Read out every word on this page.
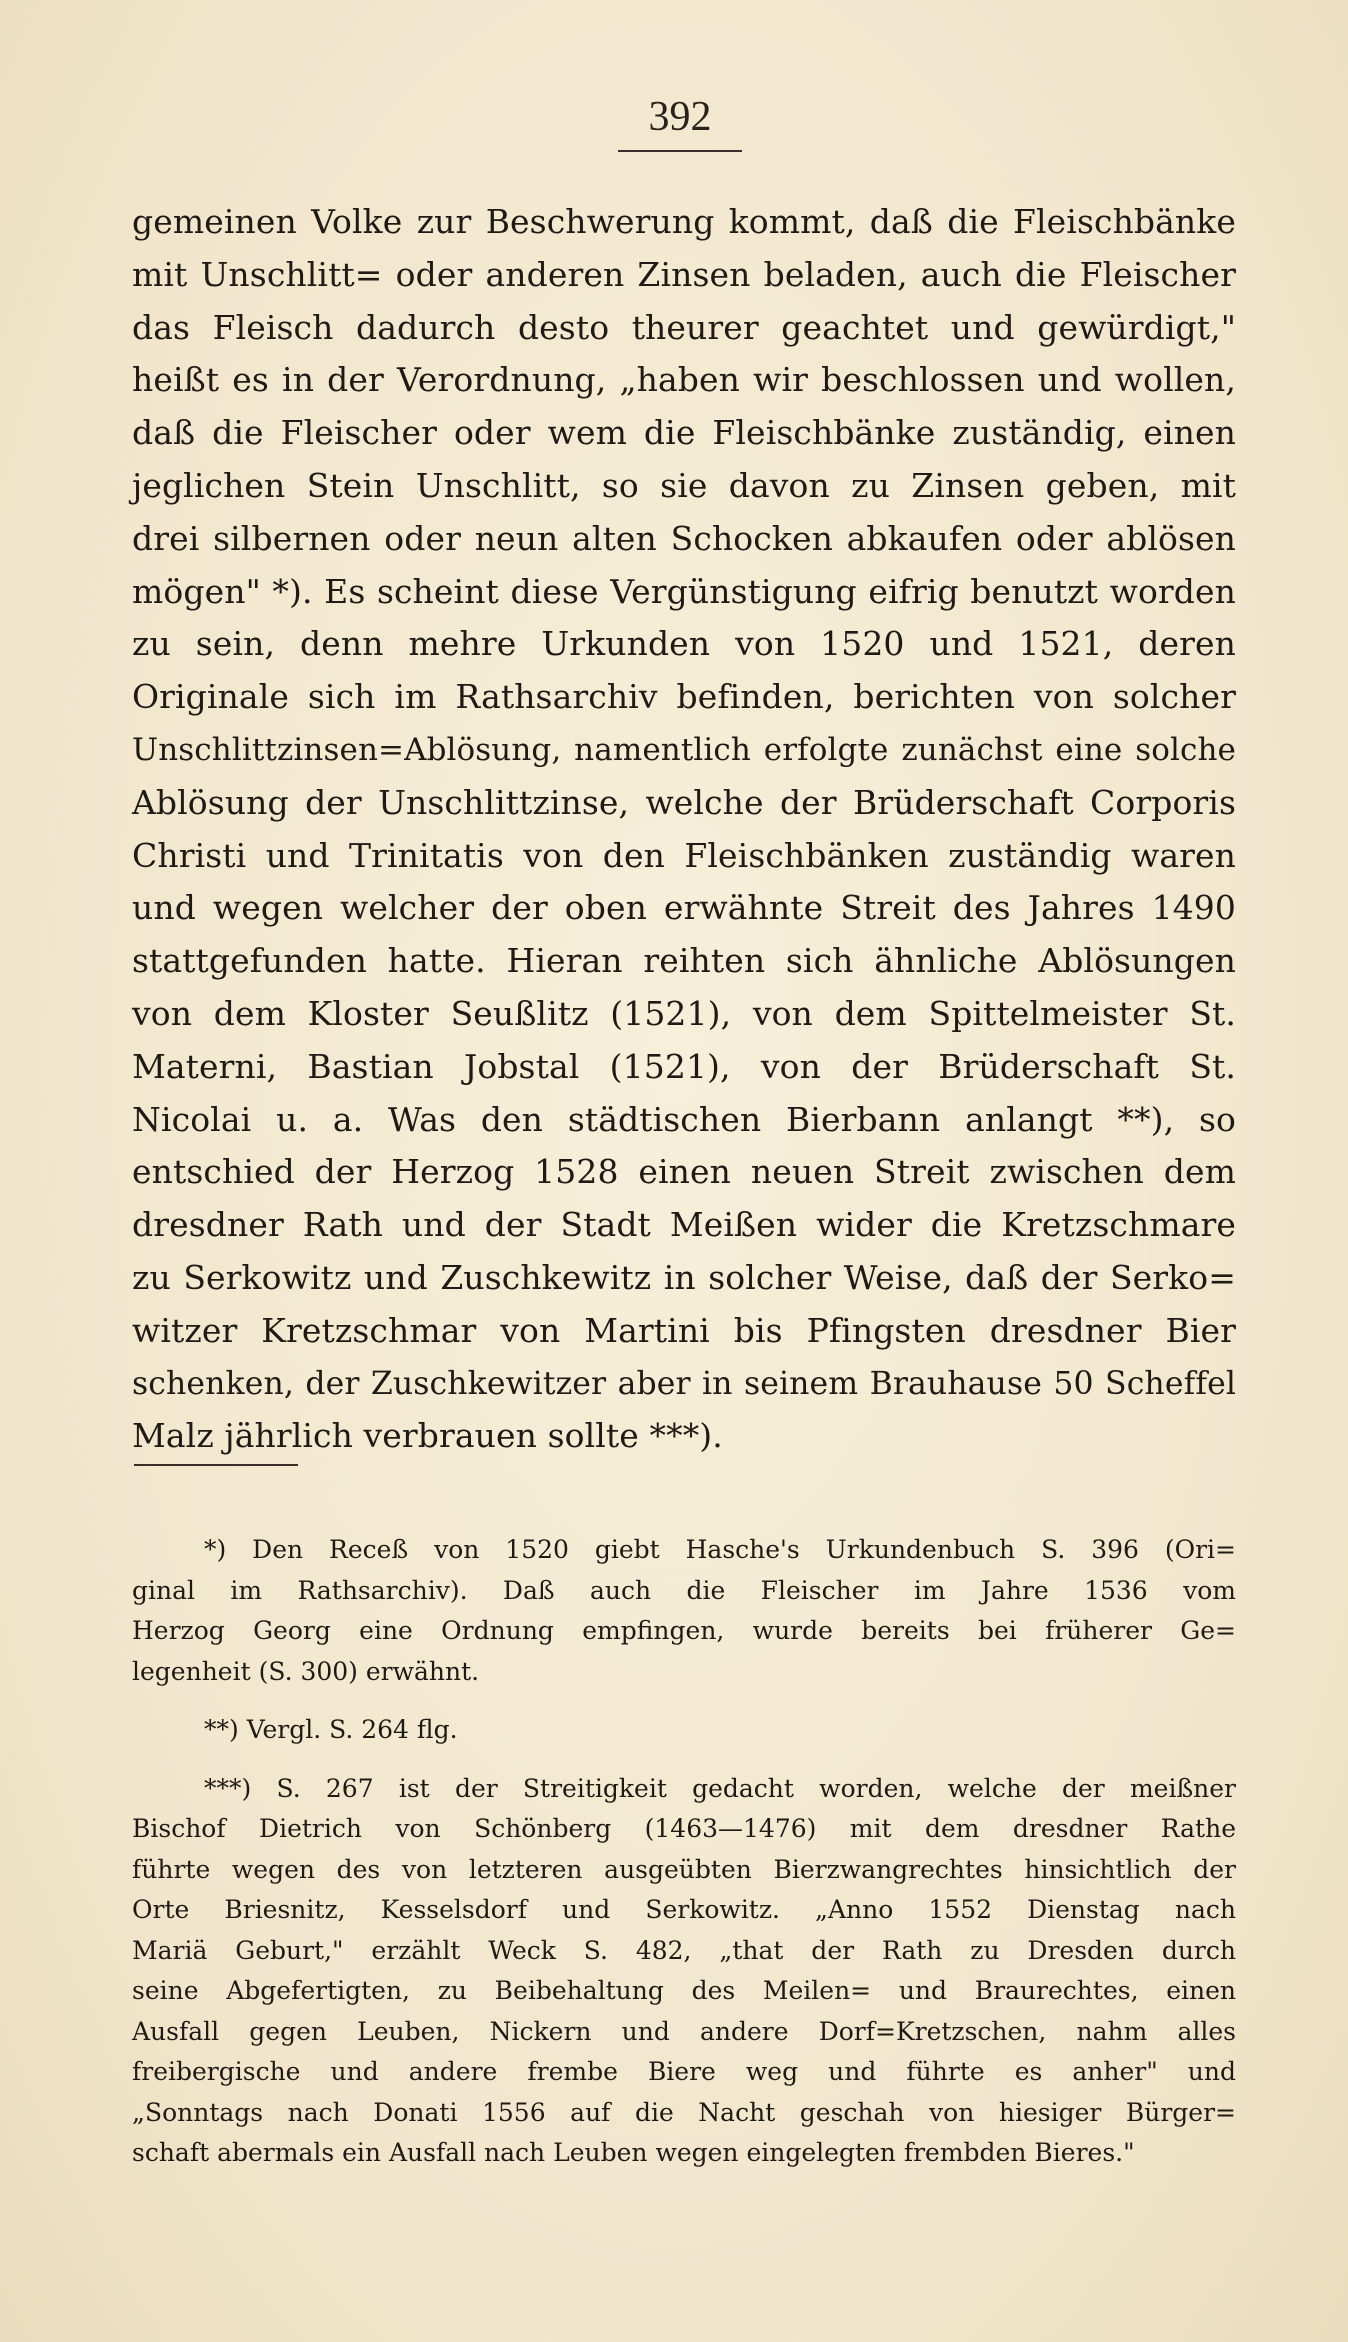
392
gemeinen Volke zur Beschwerung kommt, daß die Fleischbänke
mit Unschlitt= oder anderen Zinsen beladen, auch die Fleischer
das Fleisch dadurch desto theurer geachtet und gewürdigt,"
heißt es in der Verordnung, „haben wir beschlossen und wollen,
daß die Fleischer oder wem die Fleischbänke zuständig, einen
jeglichen Stein Unschlitt, so sie davon zu Zinsen geben, mit
drei silbernen oder neun alten Schocken abkaufen oder ablösen
mögen" *). Es scheint diese Vergünstigung eifrig benutzt worden
zu sein, denn mehre Urkunden von 1520 und 1521, deren
Originale sich im Rathsarchiv befinden, berichten von solcher
Unschlittzinsen=Ablösung, namentlich erfolgte zunächst eine solche
Ablösung der Unschlittzinse, welche der Brüderschaft Corporis
Christi und Trinitatis von den Fleischbänken zuständig waren
und wegen welcher der oben erwähnte Streit des Jahres 1490
stattgefunden hatte. Hieran reihten sich ähnliche Ablösungen
von dem Kloster Seußlitz (1521), von dem Spittelmeister St.
Materni, Bastian Jobstal (1521), von der Brüderschaft St.
Nicolai u. a. Was den städtischen Bierbann anlangt **), so
entschied der Herzog 1528 einen neuen Streit zwischen dem
dresdner Rath und der Stadt Meißen wider die Kretzschmare
zu Serkowitz und Zuschkewitz in solcher Weise, daß der Serko=
witzer Kretzschmar von Martini bis Pfingsten dresdner Bier
schenken, der Zuschkewitzer aber in seinem Brauhause 50 Scheffel
Malz jährlich verbrauen sollte ***).
*) Den Receß von 1520 giebt Hasche's Urkundenbuch S. 396 (Ori=
ginal im Rathsarchiv). Daß auch die Fleischer im Jahre 1536 vom
Herzog Georg eine Ordnung empfingen, wurde bereits bei früherer Ge=
legenheit (S. 300) erwähnt.
**) Vergl. S. 264 flg.
***) S. 267 ist der Streitigkeit gedacht worden, welche der meißner
Bischof Dietrich von Schönberg (1463—1476) mit dem dresdner Rathe
führte wegen des von letzteren ausgeübten Bierzwangrechtes hinsichtlich der
Orte Briesnitz, Kesselsdorf und Serkowitz. „Anno 1552 Dienstag nach
Mariä Geburt," erzählt Weck S. 482, „that der Rath zu Dresden durch
seine Abgefertigten, zu Beibehaltung des Meilen= und Braurechtes, einen
Ausfall gegen Leuben, Nickern und andere Dorf=Kretzschen, nahm alles
freibergische und andere frembe Biere weg und führte es anher" und
„Sonntags nach Donati 1556 auf die Nacht geschah von hiesiger Bürger=
schaft abermals ein Ausfall nach Leuben wegen eingelegten frembden Bieres."
